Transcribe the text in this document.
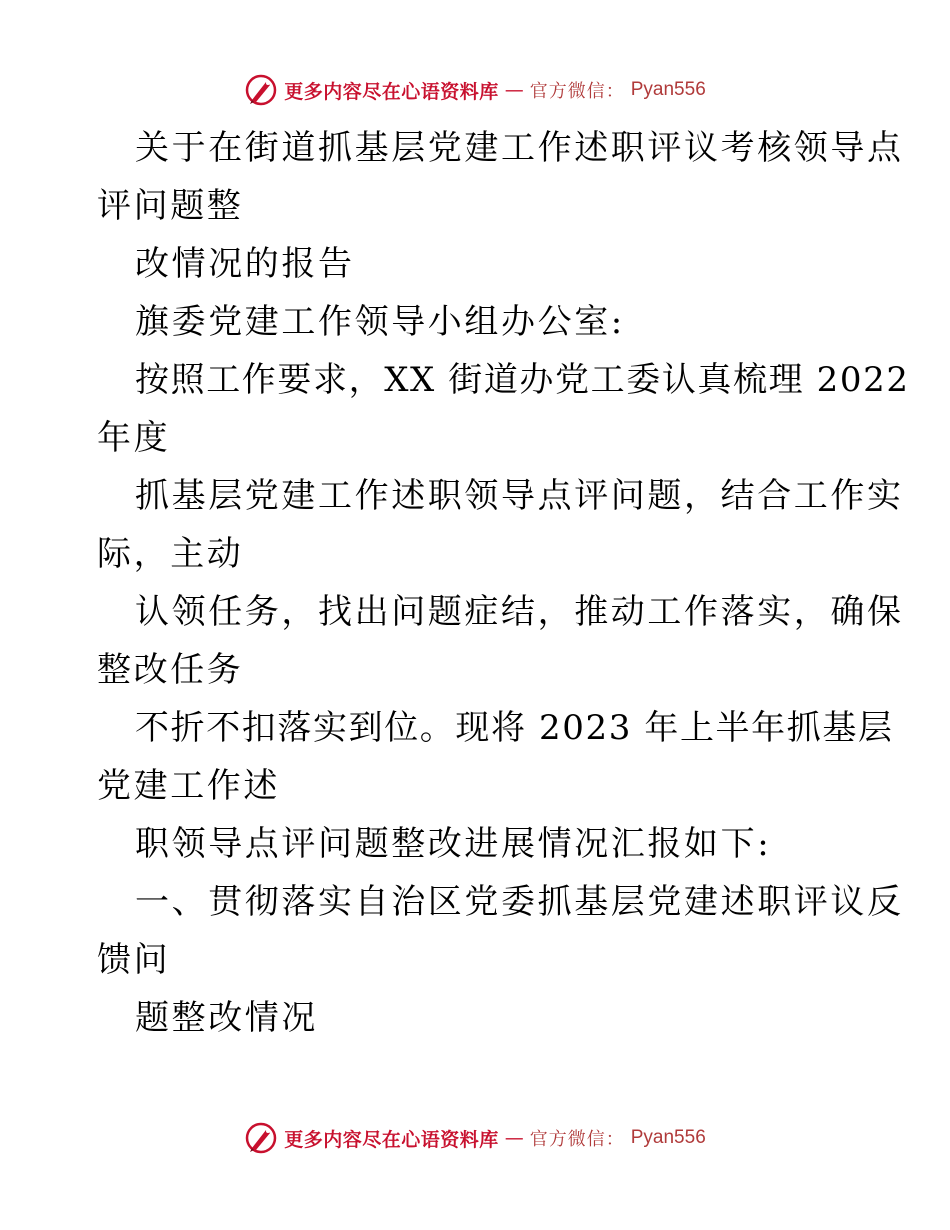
更多内容尽在心语资料库 — 官方微信： Pyan556
关于在街道抓基层党建工作述职评议考核领导点
评问题整
改情况的报告
旗委党建工作领导小组办公室:
按照工作要求，XX 街道办党工委认真梳理 2022
年度
抓基层党建工作述职领导点评问题，结合工作实
际，主动
认领任务，找出问题症结，推动工作落实，确保
整改任务
不折不扣落实到位。现将 2023 年上半年抓基层
党建工作述
职领导点评问题整改进展情况汇报如下:
一、贯彻落实自治区党委抓基层党建述职评议反
馈问
题整改情况
更多内容尽在心语资料库 — 官方微信： Pyan556
